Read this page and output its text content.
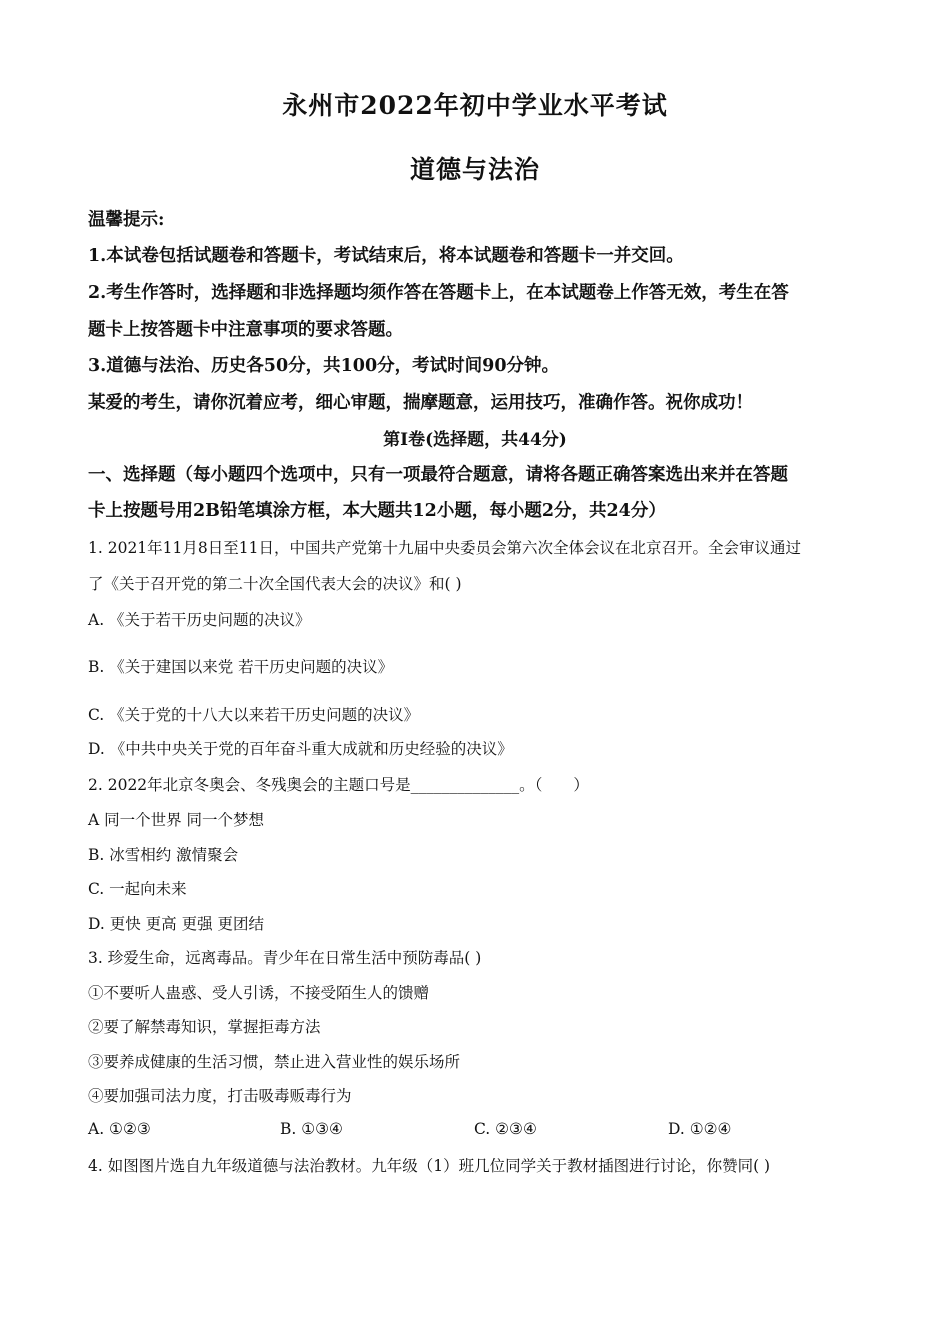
永州市2022年初中学业水平考试
道德与法治
温馨提示:
1.本试卷包括试题卷和答题卡，考试结束后，将本试题卷和答题卡一并交回。
2.考生作答时，选择题和非选择题均须作答在答题卡上，在本试题卷上作答无效，考生在答
题卡上按答题卡中注意事项的要求答题。
3.道德与法治、历史各50分，共100分，考试时间90分钟。
某爱的考生，请你沉着应考，细心审题，揣摩题意，运用技巧，准确作答。祝你成功！
第Ⅰ卷(选择题，共44分)
一、选择题（每小题四个选项中，只有一项最符合题意，请将各题正确答案选出来并在答题
卡上按题号用2B铅笔填涂方框，本大题共12小题，每小题2分，共24分）
1. 2021年11月8日至11日，中国共产党第十九届中央委员会第六次全体会议在北京召开。全会审议通过
了《关于召开党的第二十次全国代表大会的决议》和( )
A. 《关于若干历史问题的决议》
B. 《关于建国以来党 若干历史问题的决议》
C. 《关于党的十八大以来若干历史问题的决议》
D. 《中共中央关于党的百年奋斗重大成就和历史经验的决议》
2. 2022年北京冬奥会、冬残奥会的主题口号是______________。（　　）
A 同一个世界 同一个梦想
B. 冰雪相约 激情聚会
C. 一起向未来
D. 更快 更高 更强 更团结
3. 珍爱生命，远离毒品。青少年在日常生活中预防毒品( )
①不要听人蛊惑、受人引诱，不接受陌生人的馈赠
②要了解禁毒知识，掌握拒毒方法
③要养成健康的生活习惯，禁止进入营业性的娱乐场所
④要加强司法力度，打击吸毒贩毒行为
A. ①②③	B. ①③④	C. ②③④	D. ①②④
4. 如图图片选自九年级道德与法治教材。九年级（1）班几位同学关于教材插图进行讨论，你赞同( )
